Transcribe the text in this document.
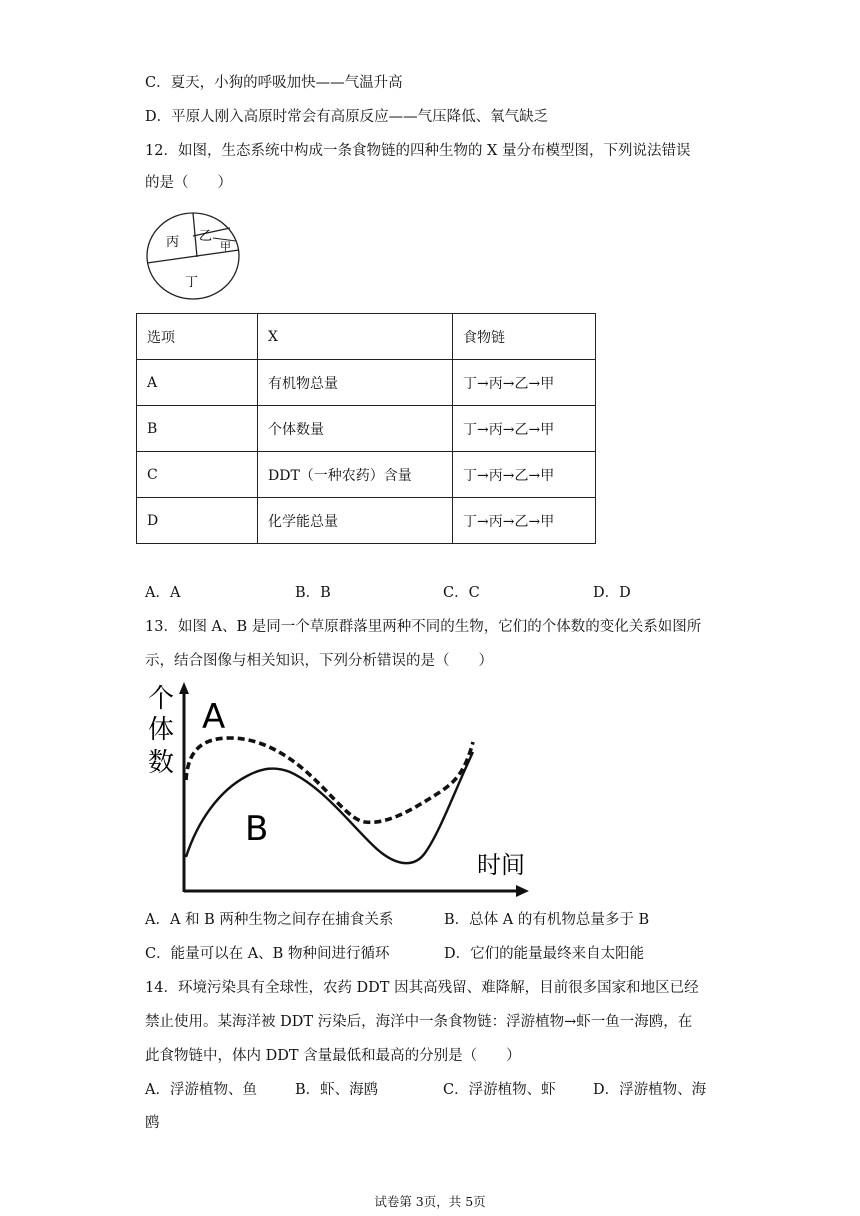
C．夏天，小狗的呼吸加快——气温升高
D．平原人刚入高原时常会有高原反应——气压降低、氧气缺乏
12．如图，生态系统中构成一条食物链的四种生物的 X 量分布模型图，下列说法错误
的是（　　）
丙 乙
甲
丁
选项	X	食物链
A	有机物总量	丁→丙→乙→甲
B	个体数量	丁→丙→乙→甲
C	DDT（一种农药）含量	丁→丙→乙→甲
D	化学能总量	丁→丙→乙→甲
A．A	B．B	C．C	D．D
13．如图 A、B 是同一个草原群落里两种不同的生物，它们的个体数的变化关系如图所
示，结合图像与相关知识，下列分析错误的是（　　）
个
体
数
A
B
时间
A．A 和 B 两种生物之间存在捕食关系	B．总体 A 的有机物总量多于 B
C．能量可以在 A、B 物种间进行循环	D．它们的能量最终来自太阳能
14．环境污染具有全球性，农药 DDT 因其高残留、难降解，目前很多国家和地区已经
禁止使用。某海洋被 DDT 污染后，海洋中一条食物链：浮游植物→虾一鱼一海鸥，在
此食物链中，体内 DDT 含量最低和最高的分别是（　　）
A．浮游植物、鱼	B．虾、海鸥	C．浮游植物、虾	D．浮游植物、海
鸥
试卷第 3页，共 5页
